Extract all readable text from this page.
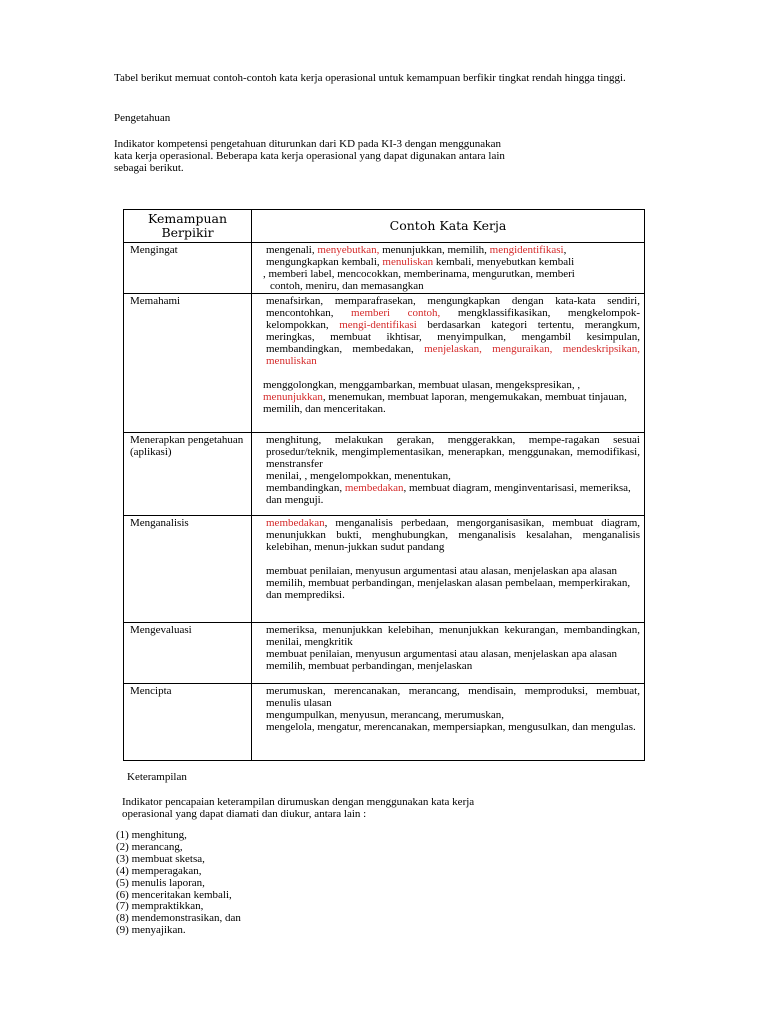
Tabel berikut memuat contoh-contoh kata kerja operasional untuk kemampuan berfikir tingkat rendah hingga tinggi.

Pengetahuan

Indikator kompetensi pengetahuan diturunkan dari KD pada KI-3 dengan menggunakan kata kerja operasional. Beberapa kata kerja operasional yang dapat digunakan antara lain sebagai berikut.

Kemampuan Berpikir	Contoh Kata Kerja
Mengingat	mengenali, menyebutkan, menunjukkan, memilih, mengidentifikasi, mengungkapkan kembali, menuliskan kembali, menyebutkan kembali
, memberi label, mencocokkan, memberinama, mengurutkan, memberi
contoh, meniru, dan memasangkan

Memahami	menafsirkan, memparafrasekan, mengungkapkan dengan kata-kata sendiri, mencontohkan, memberi contoh, mengklassifikasikan, mengkelompok-kelompokkan, mengi-dentifikasi berdasarkan kategori tertentu, merangkum, meringkas, membuat ikhtisar, menyimpulkan, mengambil kesimpulan, membandingkan, membedakan, menjelaskan, menguraikan, mendeskripsikan, menuliskan
menggolongkan, menggambarkan, membuat ulasan, mengekspresikan, , menunjukkan, menemukan, membuat laporan, mengemukakan, membuat tinjauan, memilih, dan menceritakan.

Menerapkan pengetahuan (aplikasi)	menghitung, melakukan gerakan, menggerakkan, mempe-ragakan sesuai prosedur/teknik, mengimplementasikan, menerapkan, menggunakan, memodifikasi, menstransfer
menilai, , mengelompokkan, menentukan,
membandingkan, membedakan, membuat diagram, menginventarisasi, memeriksa, dan menguji.

Menganalisis	membedakan, menganalisis perbedaan, mengorganisasikan, membuat diagram, menunjukkan bukti, menghubungkan, menganalisis kesalahan, menganalisis kelebihan, menun-jukkan sudut pandang
membuat penilaian, menyusun argumentasi atau alasan, menjelaskan apa alasan memilih, membuat perbandingan, menjelaskan alasan pembelaan, memperkirakan, dan memprediksi.

Mengevaluasi	memeriksa, menunjukkan kelebihan, menunjukkan kekurangan, membandingkan, menilai, mengkritik
membuat penilaian, menyusun argumentasi atau alasan, menjelaskan apa alasan memilih, membuat perbandingan, menjelaskan

Mencipta	merumuskan, merencanakan, merancang, mendisain, memproduksi, membuat, menulis ulasan
mengumpulkan, menyusun, merancang, merumuskan,
mengelola, mengatur, merencanakan, mempersiapkan, mengusulkan, dan mengulas.

Keterampilan

Indikator pencapaian keterampilan dirumuskan dengan menggunakan kata kerja operasional yang dapat diamati dan diukur, antara lain :

(1) menghitung,
(2) merancang,
(3) membuat sketsa,
(4) memperagakan,
(5) menulis laporan,
(6) menceritakan kembali,
(7) mempraktikkan,
(8) mendemonstrasikan, dan
(9) menyajikan.
